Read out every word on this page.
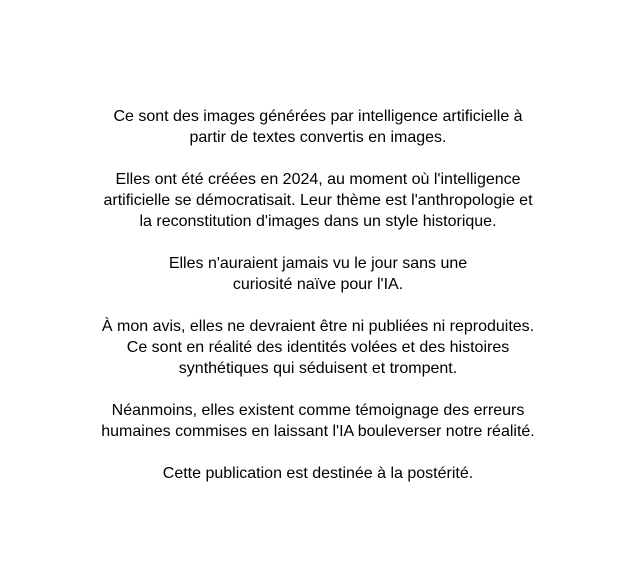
Ce sont des images générées par intelligence artificielle à
partir de textes convertis en images.

Elles ont été créées en 2024, au moment où l'intelligence
artificielle se démocratisait. Leur thème est l'anthropologie et
la reconstitution d'images dans un style historique.

Elles n'auraient jamais vu le jour sans une
curiosité naïve pour l'IA.

À mon avis, elles ne devraient être ni publiées ni reproduites.
Ce sont en réalité des identités volées et des histoires
synthétiques qui séduisent et trompent.

Néanmoins, elles existent comme témoignage des erreurs
humaines commises en laissant l'IA bouleverser notre réalité.

Cette publication est destinée à la postérité.
